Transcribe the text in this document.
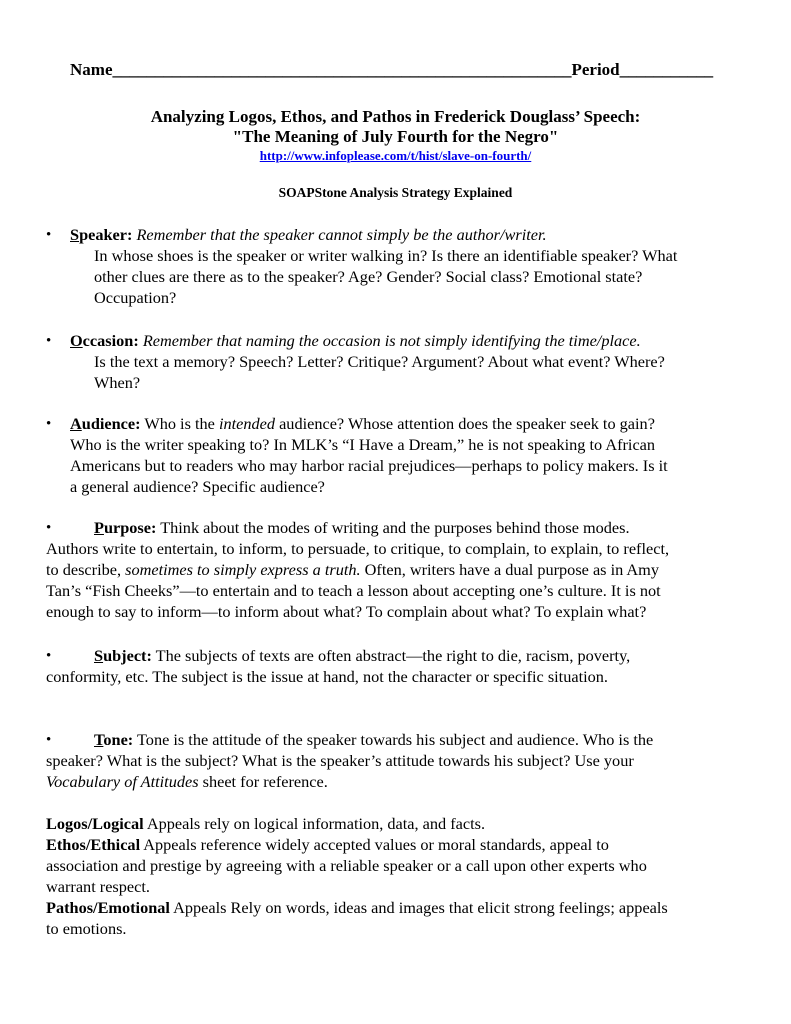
Name______________________________________________________Period___________
Analyzing Logos, Ethos, and Pathos in Frederick Douglass’ Speech:
"The Meaning of July Fourth for the Negro"
http://www.infoplease.com/t/hist/slave-on-fourth/
SOAPStone Analysis Strategy Explained
• Speaker: Remember that the speaker cannot simply be the author/writer.
In whose shoes is the speaker or writer walking in? Is there an identifiable speaker? What
other clues are there as to the speaker? Age? Gender? Social class? Emotional state?
Occupation?
• Occasion: Remember that naming the occasion is not simply identifying the time/place.
Is the text a memory? Speech? Letter? Critique? Argument? About what event? Where?
When?
• Audience: Who is the intended audience? Whose attention does the speaker seek to gain?
Who is the writer speaking to? In MLK’s “I Have a Dream,” he is not speaking to African
Americans but to readers who may harbor racial prejudices—perhaps to policy makers. Is it
a general audience? Specific audience?
•	Purpose: Think about the modes of writing and the purposes behind those modes.
Authors write to entertain, to inform, to persuade, to critique, to complain, to explain, to reflect,
to describe, sometimes to simply express a truth. Often, writers have a dual purpose as in Amy
Tan’s “Fish Cheeks”—to entertain and to teach a lesson about accepting one’s culture. It is not
enough to say to inform—to inform about what? To complain about what? To explain what?
•	Subject: The subjects of texts are often abstract—the right to die, racism, poverty,
conformity, etc. The subject is the issue at hand, not the character or specific situation.
•	Tone: Tone is the attitude of the speaker towards his subject and audience. Who is the
speaker? What is the subject? What is the speaker’s attitude towards his subject? Use your
Vocabulary of Attitudes sheet for reference.
Logos/Logical Appeals rely on logical information, data, and facts.
Ethos/Ethical Appeals reference widely accepted values or moral standards, appeal to
association and prestige by agreeing with a reliable speaker or a call upon other experts who
warrant respect.
Pathos/Emotional Appeals Rely on words, ideas and images that elicit strong feelings; appeals
to emotions.
